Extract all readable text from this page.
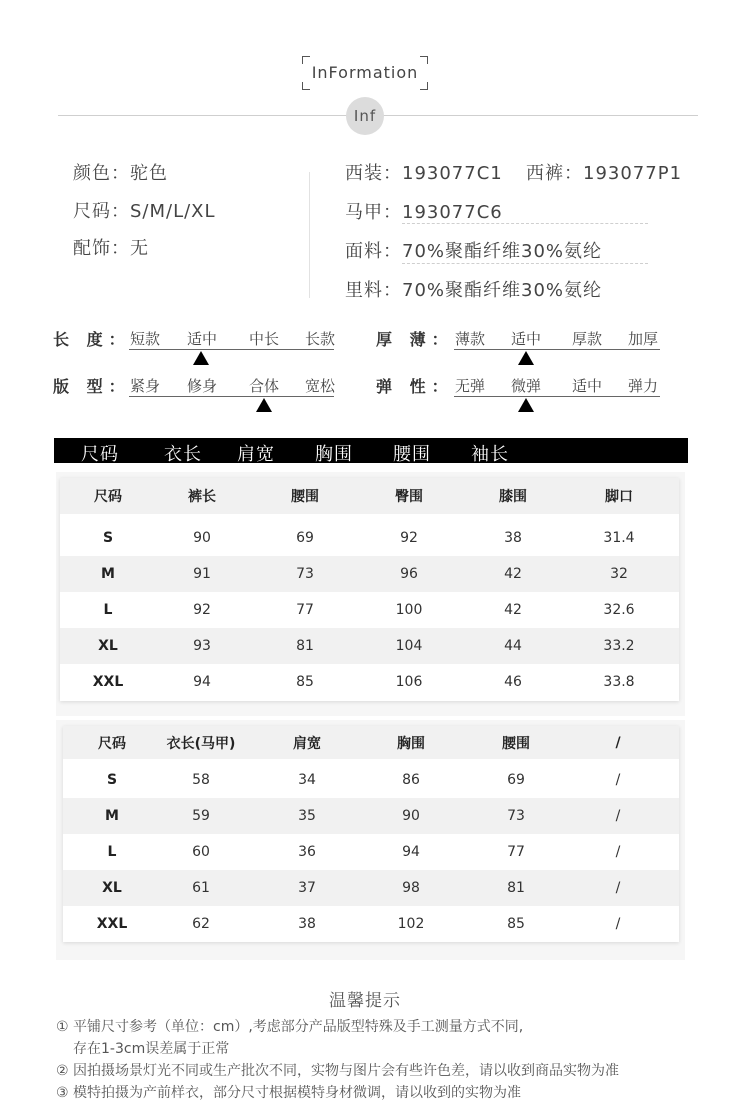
InFormation
Inf
颜色：驼色
尺码：S/M/L/XL
配饰：无
西装：193077C1 西裤：193077P1
马甲：193077C6
面料：70%聚酯纤维30%氨纶
里料：70%聚酯纤维30%氨纶
长 度： 短款 适中 中长 长款	厚 薄： 薄款 适中 厚款 加厚
版 型： 紧身 修身 合体 宽松	弹 性： 无弹 微弹 适中 弹力
尺码	衣长 肩宽 胸围 腰围 袖长
尺码	裤长	腰围	臀围	膝围	脚口
S	90	69	92	38	31.4
M	91	73	96	42	32
L	92	77	100	42	32.6
XL	93	81	104	44	33.2
XXL	94	85	106	46	33.8
尺码	衣长(马甲)	肩宽	胸围	腰围	/
S	58	34	86	69	/
M	59	35	90	73	/
L	60	36	94	77	/
XL	61	37	98	81	/
XXL	62	38	102	85	/
温馨提示
① 平铺尺寸参考（单位：cm）,考虑部分产品版型特殊及手工测量方式不同,
存在1-3cm误差属于正常
② 因拍摄场景灯光不同或生产批次不同，实物与图片会有些许色差，请以收到商品实物为准
③ 模特拍摄为产前样衣，部分尺寸根据模特身材微调，请以收到的实物为准
